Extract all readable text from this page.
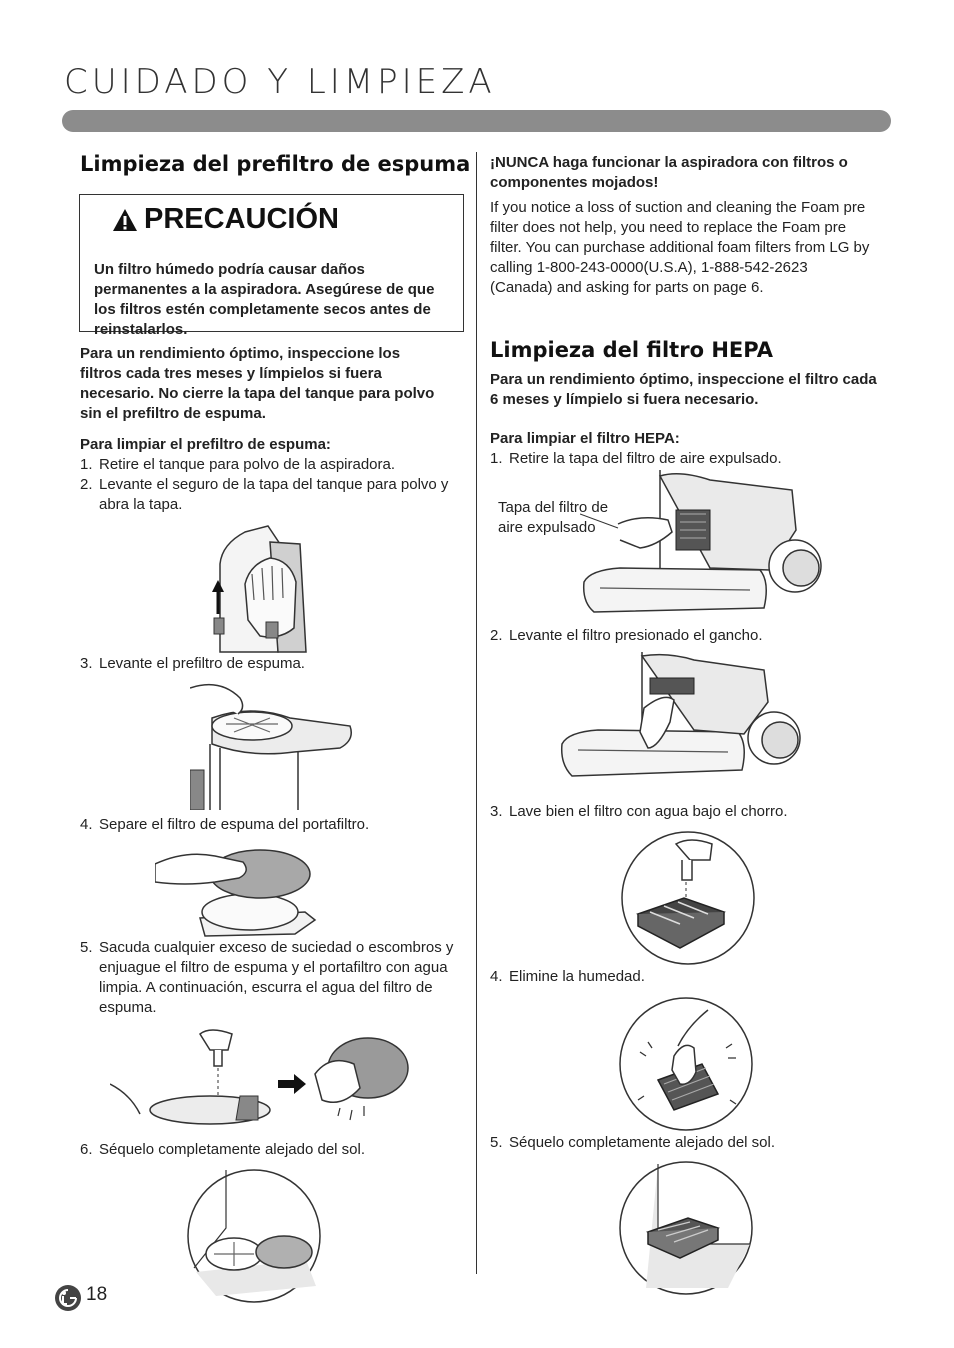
CUIDADO Y LIMPIEZA
Limpieza del prefiltro de espuma
PRECAUCIÓN

Un filtro húmedo podría causar daños permanentes a la aspiradora. Asegúrese de que los filtros estén completamente secos antes de reinstalarlos.

Para un rendimiento óptimo, inspeccione los filtros cada tres meses y límpielos si fuera necesario. No cierre la tapa del tanque para polvo sin el prefiltro de espuma.

Para limpiar el prefiltro de espuma:

1. Retire el tanque para polvo de la aspiradora.
2. Levante el seguro de la tapa del tanque para polvo y abra la tapa.
3. Levante el prefiltro de espuma.
4. Separe el filtro de espuma del portafiltro.
5. Sacuda cualquier exceso de suciedad o escombros y enjuague el filtro de espuma y el portafiltro con agua limpia. A continuación, escurra el agua del filtro de espuma.
6. Séquelo completamente alejado del sol.

¡NUNCA haga funcionar la aspiradora con filtros o componentes mojados!

If you notice a loss of suction and cleaning the Foam pre filter does not help, you need to replace the Foam pre filter. You can purchase additional foam filters from LG by calling 1-800-243-0000(U.S.A), 1-888-542-2623 (Canada) and asking for parts on page 6.

Limpieza del filtro HEPA

Para un rendimiento óptimo, inspeccione el filtro cada 6 meses y límpielo si fuera necesario.

Para limpiar el filtro HEPA:

1. Retire la tapa del filtro de aire expulsado.

Tapa del filtro de aire expulsado

2. Levante el filtro presionado el gancho.
3. Lave bien el filtro con agua bajo el chorro.
4. Elimine la humedad.
5. Séquelo completamente alejado del sol.
18
